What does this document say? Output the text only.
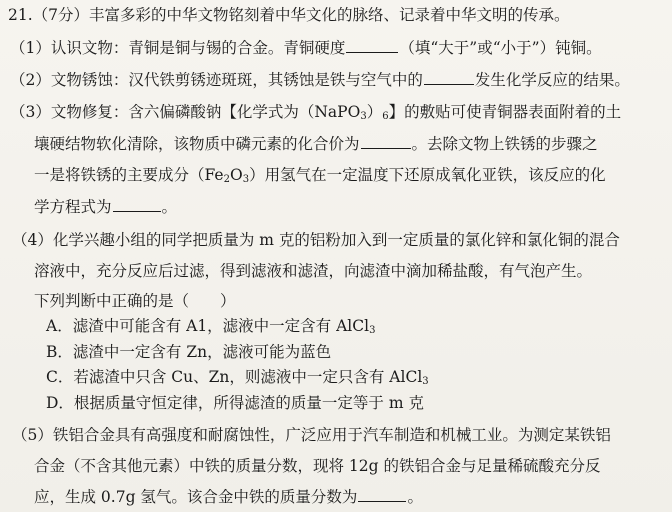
21.（7分）丰富多彩的中华文物铭刻着中华文化的脉络、记录着中华文明的传承。
（1）认识文物：青铜是铜与锡的合金。青铜硬度	（填“大于”或“小于”）钝铜。
（2）文物锈蚀：汉代铁剪锈迹斑斑，其锈蚀是铁与空气中的	发生化学反应的结果。
（3）文物修复：含六偏磷酸钠【化学式为$(NaPO_3)_6$】的敷贴可使青铜器表面附着的土
壤硬结物软化清除，该物质中磷元素的化合价为	。去除文物上铁锈的步骤之
一是将铁锈的主要成分$(Fe_2O_3)$用氢气在一定温度下还原成氧化亚铁，该反应的化
学方程式为	。
（4）化学兴趣小组的同学把质量为 m 克的铝粉加入到一定质量的氯化锌和氯化铜的混合
溶液中，充分反应后过滤，得到滤液和滤渣，向滤渣中滴加稀盐酸，有气泡产生。
下列判断中正确的是（　　）
A．滤渣中可能含有 A1，滤液中一定含有 AlCl$_3$
B．滤渣中一定含有 Zn，滤液可能为蓝色
C．若滤渣中只含 Cu、Zn，则滤液中一定只含有 AlCl$_3$
D．根据质量守恒定律，所得滤渣的质量一定等于 m 克
（5）铁铝合金具有高强度和耐腐蚀性，广泛应用于汽车制造和机械工业。为测定某铁铝
合金（不含其他元素）中铁的质量分数，现将 12g 的铁铝合金与足量稀硫酸充分反
应，生成 0.7g 氢气。该合金中铁的质量分数为	。
